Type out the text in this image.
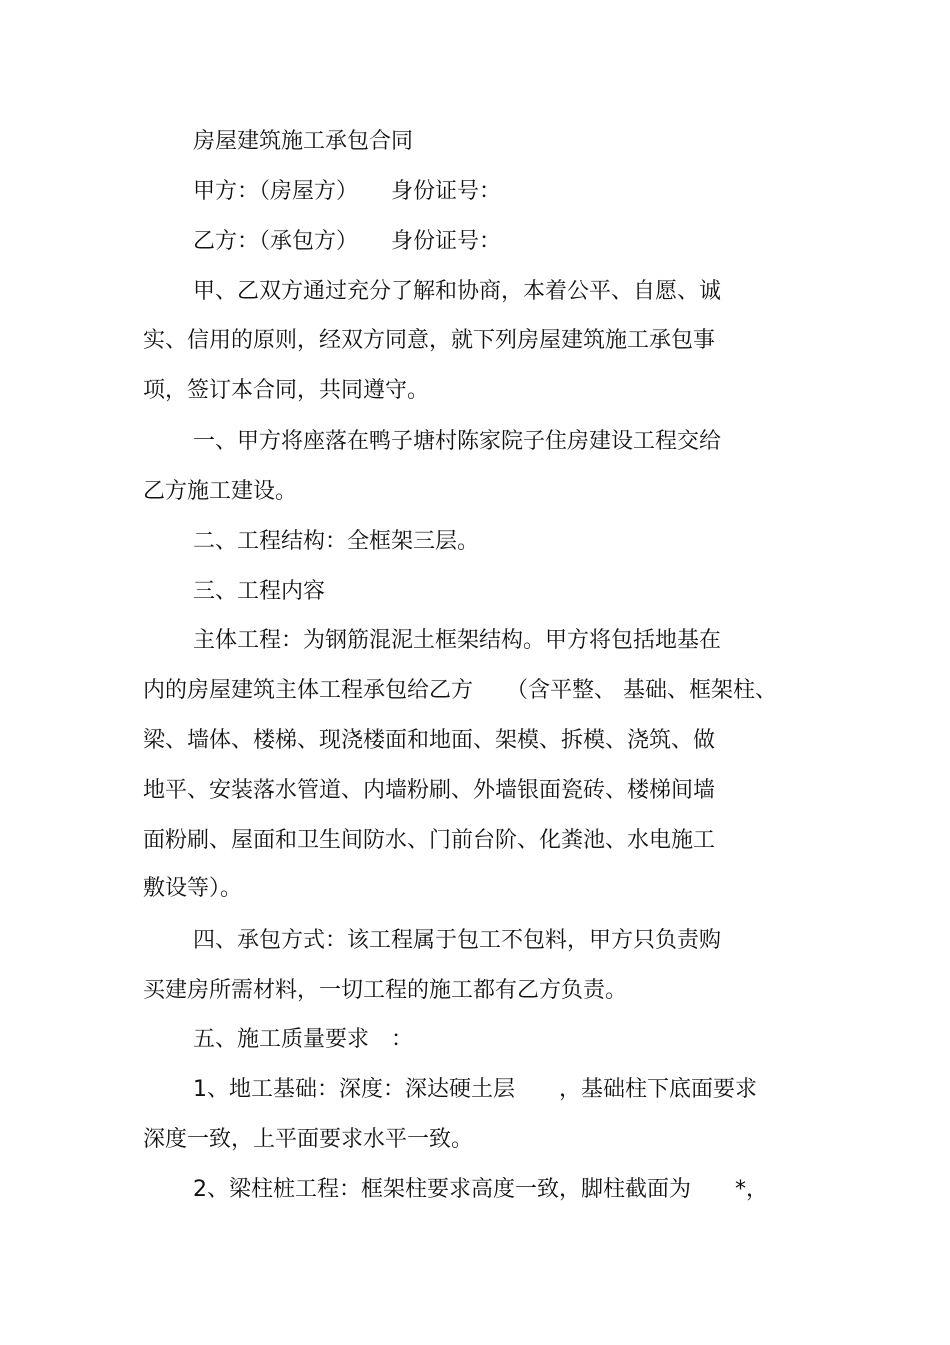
房屋建筑施工承包合同
甲方：（房屋方）　　身份证号：
乙方：（承包方）　　身份证号：
甲、乙双方通过充分了解和协商，本着公平、自愿、诚
实、信用的原则，经双方同意，就下列房屋建筑施工承包事
项，签订本合同，共同遵守。
一、甲方将座落在鸭子塘村陈家院子住房建设工程交给
乙方施工建设。
二、工程结构：全框架三层。
三、工程内容
主体工程：为钢筋混泥土框架结构。甲方将包括地基在
内的房屋建筑主体工程承包给乙方　　（含平整、 基础、框架柱、
梁、墙体、楼梯、现浇楼面和地面、架模、拆模、浇筑、做
地平、安装落水管道、内墙粉刷、外墙银面瓷砖、楼梯间墙
面粉刷、屋面和卫生间防水、门前台阶、化粪池、水电施工
敷设等）。
四、承包方式：该工程属于包工不包料，甲方只负责购
买建房所需材料，一切工程的施工都有乙方负责。
五、施工质量要求　：
1、地工基础：深度：深达硬土层　　，基础柱下底面要求
深度一致，上平面要求水平一致。
2、梁柱桩工程：框架柱要求高度一致，脚柱截面为　　*，
